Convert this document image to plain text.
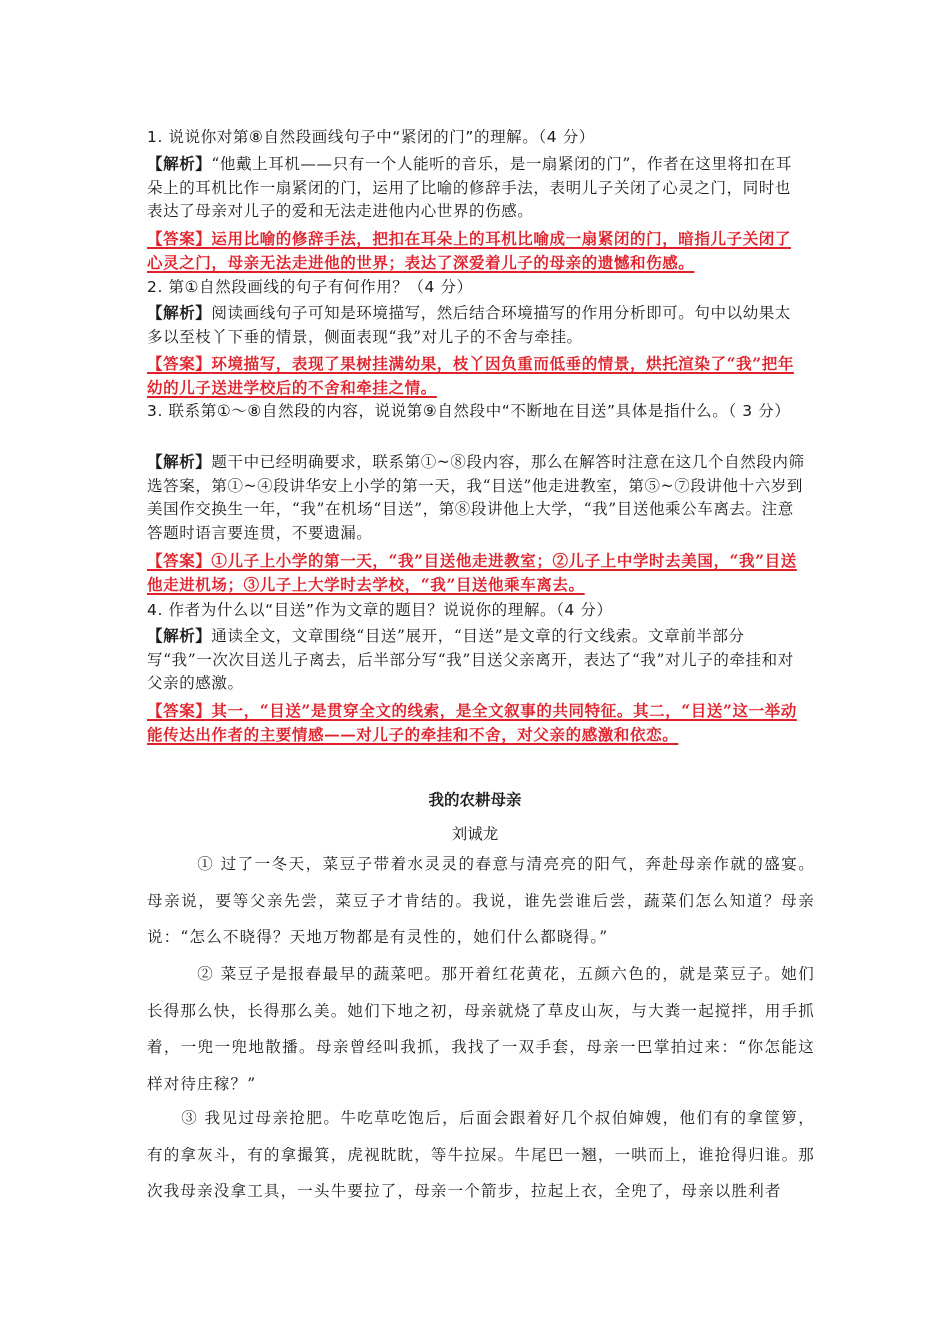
1. 说说你对第⑧自然段画线句子中“紧闭的门”的理解。（4 分）
【解析】“他戴上耳机——只有一个人能听的音乐，是一扇紧闭的门”，作者在这里将扣在耳朵上的耳机比作一扇紧闭的门，运用了比喻的修辞手法，表明儿子关闭了心灵之门，同时也表达了母亲对儿子的爱和无法走进他内心世界的伤感。
【答案】运用比喻的修辞手法，把扣在耳朵上的耳机比喻成一扇紧闭的门，暗指儿子关闭了心灵之门，母亲无法走进他的世界；表达了深爱着儿子的母亲的遗憾和伤感。
2. 第①自然段画线的句子有何作用？（4 分）
【解析】阅读画线句子可知是环境描写，然后结合环境描写的作用分析即可。句中以幼果太多以至枝丫下垂的情景，侧面表现“我”对儿子的不舍与牵挂。
【答案】环境描写，表现了果树挂满幼果，枝丫因负重而低垂的情景，烘托渲染了“我”把年幼的儿子送进学校后的不舍和牵挂之情。
3. 联系第①～⑧自然段的内容，说说第⑨自然段中“不断地在目送”具体是指什么。（ 3 分）
【解析】题干中已经明确要求，联系第①~⑧段内容，那么在解答时注意在这几个自然段内筛选答案，第①~④段讲华安上小学的第一天，我“目送”他走进教室，第⑤~⑦段讲他十六岁到美国作交换生一年，“我”在机场“目送”，第⑧段讲他上大学，“我”目送他乘公车离去。注意答题时语言要连贯，不要遗漏。
【答案】①儿子上小学的第一天，“我”目送他走进教室；②儿子上中学时去美国，“我”目送他走进机场；③儿子上大学时去学校，“我”目送他乘车离去。
4. 作者为什么以“目送”作为文章的题目？说说你的理解。（4 分）
【解析】通读全文，文章围绕“目送”展开，“目送”是文章的行文线索。文章前半部分写“我”一次次目送儿子离去，后半部分写“我”目送父亲离开，表达了“我”对儿子的牵挂和对父亲的感激。
【答案】其一，“目送”是贯穿全文的线索，是全文叙事的共同特征。其二，“目送”这一举动能传达出作者的主要情感——对儿子的牵挂和不舍，对父亲的感激和依恋。
我的农耕母亲
刘诚龙
① 过了一冬天，菜豆子带着水灵灵的春意与清亮亮的阳气，奔赴母亲作就的盛宴。母亲说，要等父亲先尝，菜豆子才肯结的。我说，谁先尝谁后尝，蔬菜们怎么知道？母亲说：“怎么不晓得？天地万物都是有灵性的，她们什么都晓得。”
② 菜豆子是报春最早的蔬菜吧。那开着红花黄花，五颜六色的，就是菜豆子。她们长得那么快，长得那么美。她们下地之初，母亲就烧了草皮山灰，与大粪一起搅拌，用手抓着，一兜一兜地散播。母亲曾经叫我抓，我找了一双手套，母亲一巴掌拍过来：“你怎能这样对待庄稼？”
③ 我见过母亲抢肥。牛吃草吃饱后，后面会跟着好几个叔伯婶嫂，他们有的拿筐箩，有的拿灰斗，有的拿撮箕，虎视眈眈，等牛拉屎。牛尾巴一翘，一哄而上，谁抢得归谁。那次我母亲没拿工具，一头牛要拉了，母亲一个箭步，拉起上衣，全兜了，母亲以胜利者
